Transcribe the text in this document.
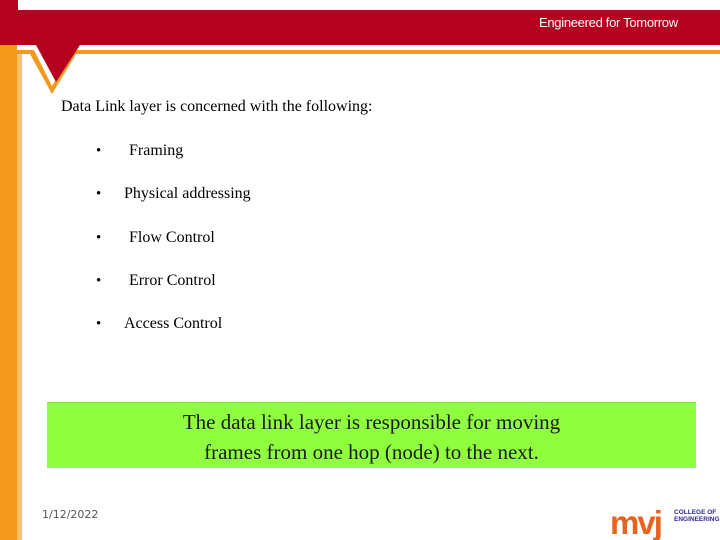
Engineered for Tomorrow
Data Link layer is concerned with the following:
• Framing
• Physical addressing
• Flow Control
• Error Control
• Access Control
The data link layer is responsible for moving
frames from one hop (node) to the next.
1/12/2022	mvj COLLEGE OF
ENGINEERING
